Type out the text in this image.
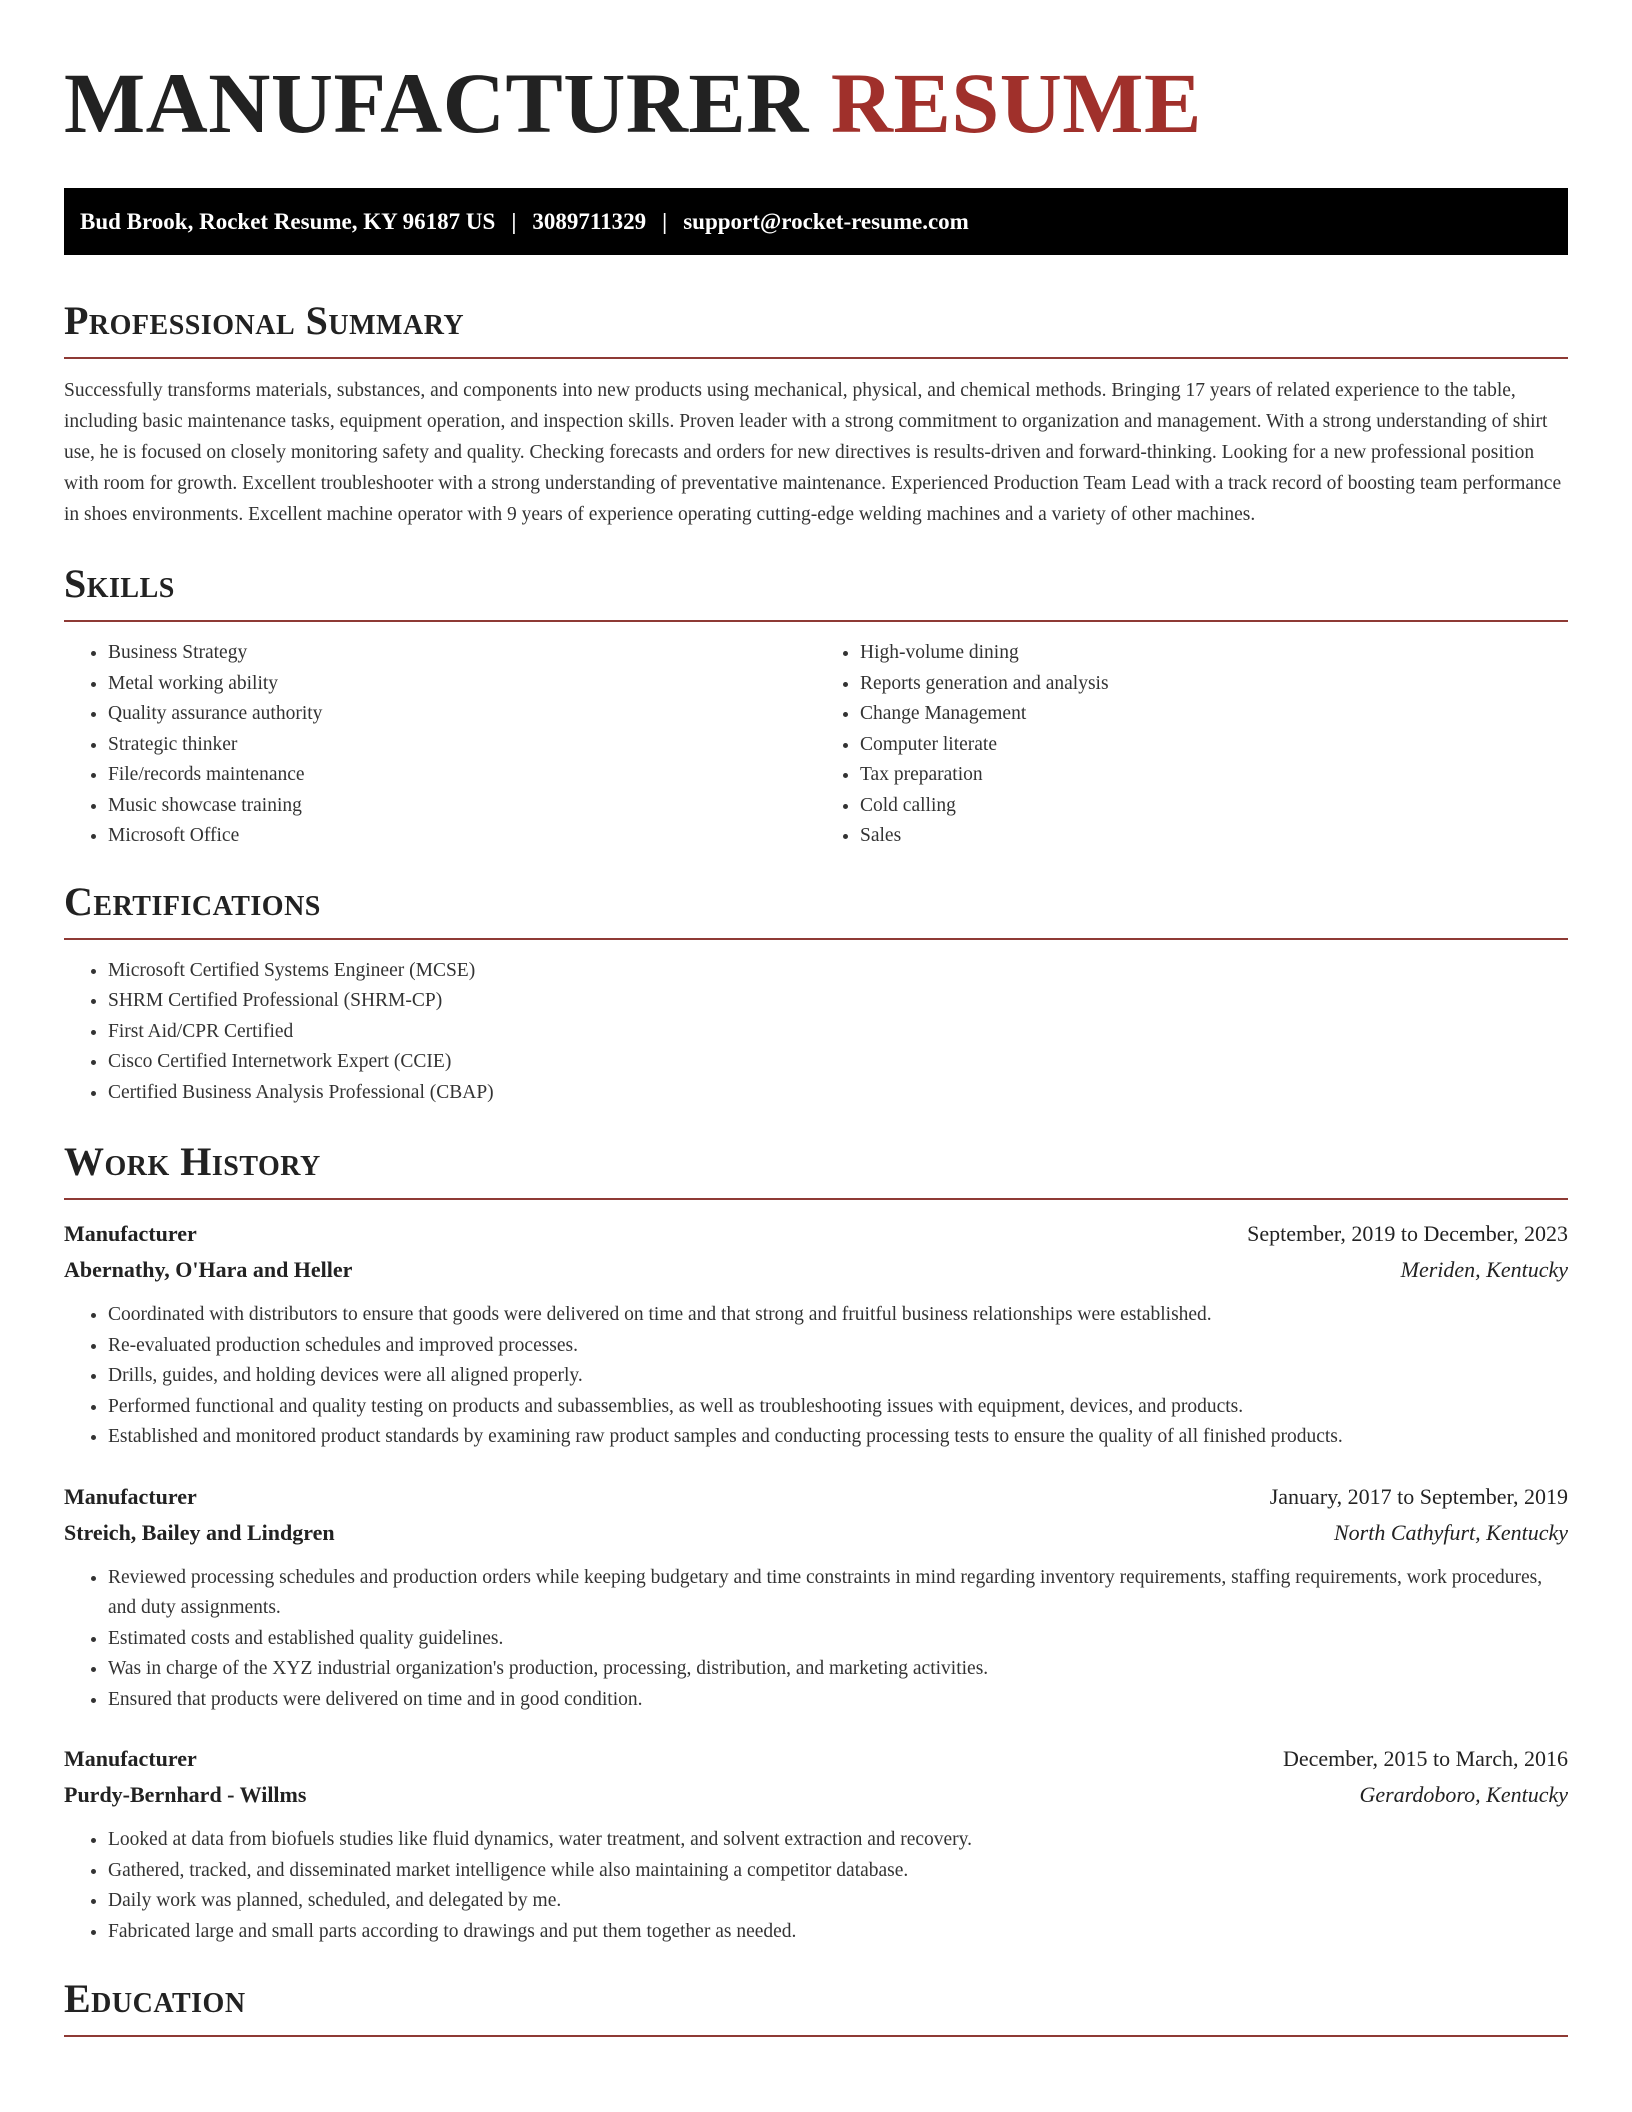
MANUFACTURER RESUME
Bud Brook, Rocket Resume, KY 96187 US | 3089711329 | support@rocket-resume.com
Professional Summary

Successfully transforms materials, substances, and components into new products using mechanical, physical, and chemical methods. Bringing 17 years of related experience to the table, including basic maintenance tasks, equipment operation, and inspection skills. Proven leader with a strong commitment to organization and management. With a strong understanding of shirt use, he is focused on closely monitoring safety and quality. Checking forecasts and orders for new directives is results-driven and forward-thinking. Looking for a new professional position with room for growth. Excellent troubleshooter with a strong understanding of preventative maintenance. Experienced Production Team Lead with a track record of boosting team performance in shoes environments. Excellent machine operator with 9 years of experience operating cutting-edge welding machines and a variety of other machines.

Skills
• Business Strategy
• Metal working ability
• Quality assurance authority
• Strategic thinker
• File/records maintenance
• Music showcase training
• Microsoft Office
• High-volume dining
• Reports generation and analysis
• Change Management
• Computer literate
• Tax preparation
• Cold calling
• Sales
Certifications
• Microsoft Certified Systems Engineer (MCSE)
• SHRM Certified Professional (SHRM-CP)
• First Aid/CPR Certified
• Cisco Certified Internetwork Expert (CCIE)
• Certified Business Analysis Professional (CBAP)
Work History
Manufacturer	September, 2019 to December, 2023
Abernathy, O'Hara and Heller	Meriden, Kentucky
• Coordinated with distributors to ensure that goods were delivered on time and that strong and fruitful business relationships were established.
• Re-evaluated production schedules and improved processes.
• Drills, guides, and holding devices were all aligned properly.
• Performed functional and quality testing on products and subassemblies, as well as troubleshooting issues with equipment, devices, and products.
• Established and monitored product standards by examining raw product samples and conducting processing tests to ensure the quality of all finished products.
Manufacturer	January, 2017 to September, 2019
Streich, Bailey and Lindgren	North Cathyfurt, Kentucky
• Reviewed processing schedules and production orders while keeping budgetary and time constraints in mind regarding inventory requirements, staffing requirements, work procedures, and duty assignments.
• Estimated costs and established quality guidelines.
• Was in charge of the XYZ industrial organization's production, processing, distribution, and marketing activities.
• Ensured that products were delivered on time and in good condition.
Manufacturer	December, 2015 to March, 2016
Purdy-Bernhard - Willms	Gerardoboro, Kentucky
• Looked at data from biofuels studies like fluid dynamics, water treatment, and solvent extraction and recovery.
• Gathered, tracked, and disseminated market intelligence while also maintaining a competitor database.
• Daily work was planned, scheduled, and delegated by me.
• Fabricated large and small parts according to drawings and put them together as needed.
Education
